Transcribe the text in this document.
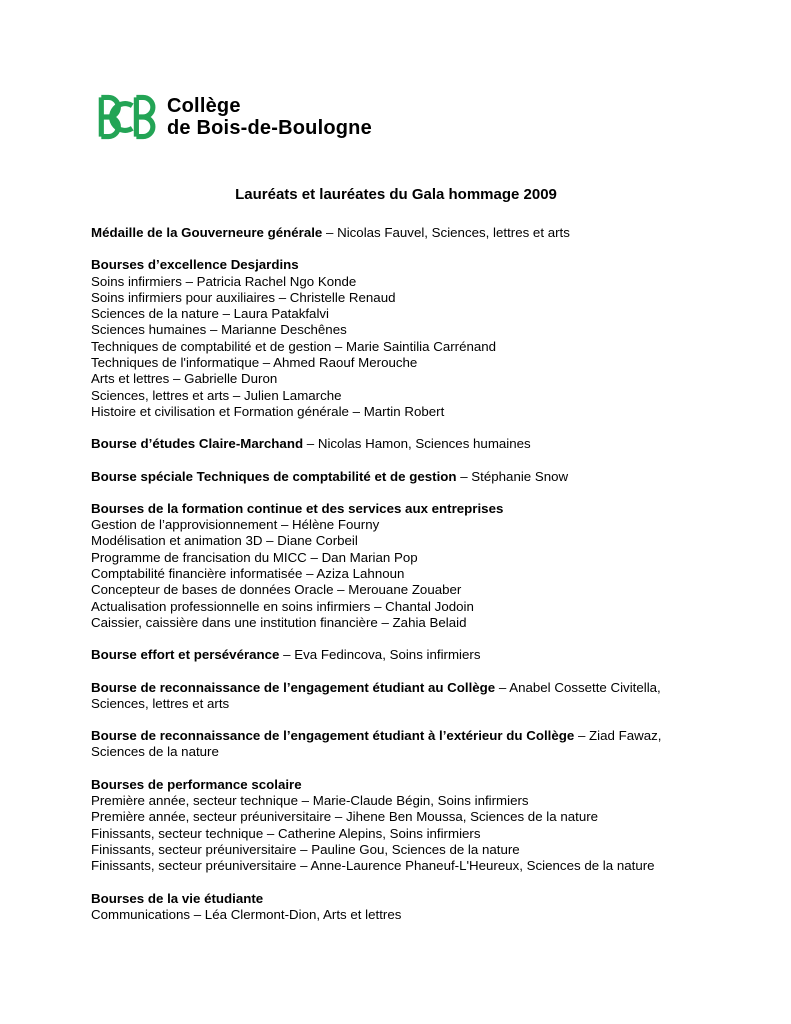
Collège
de Bois-de-Boulogne
Lauréats et lauréates du Gala hommage 2009

Médaille de la Gouverneure générale – Nicolas Fauvel, Sciences, lettres et arts

Bourses d’excellence Desjardins

Soins infirmiers – Patricia Rachel Ngo Konde
Soins infirmiers pour auxiliaires – Christelle Renaud
Sciences de la nature – Laura Patakfalvi
Sciences humaines – Marianne Deschênes
Techniques de comptabilité et de gestion – Marie Saintilia Carrénand
Techniques de l'informatique – Ahmed Raouf Merouche
Arts et lettres – Gabrielle Duron
Sciences, lettres et arts – Julien Lamarche
Histoire et civilisation et Formation générale – Martin Robert

Bourse d’études Claire-Marchand – Nicolas Hamon, Sciences humaines

Bourse spéciale Techniques de comptabilité et de gestion – Stéphanie Snow

Bourses de la formation continue et des services aux entreprises

Gestion de l’approvisionnement – Hélène Fourny
Modélisation et animation 3D – Diane Corbeil
Programme de francisation du MICC – Dan Marian Pop
Comptabilité financière informatisée – Aziza Lahnoun
Concepteur de bases de données Oracle – Merouane Zouaber
Actualisation professionnelle en soins infirmiers – Chantal Jodoin
Caissier, caissière dans une institution financière – Zahia Belaid

Bourse effort et persévérance – Eva Fedincova, Soins infirmiers

Bourse de reconnaissance de l’engagement étudiant au Collège – Anabel Cossette Civitella, Sciences, lettres et arts

Bourse de reconnaissance de l’engagement étudiant à l’extérieur du Collège – Ziad Fawaz, Sciences de la nature

Bourses de performance scolaire

Première année, secteur technique – Marie-Claude Bégin, Soins infirmiers
Première année, secteur préuniversitaire – Jihene Ben Moussa, Sciences de la nature
Finissants, secteur technique – Catherine Alepins, Soins infirmiers
Finissants, secteur préuniversitaire – Pauline Gou, Sciences de la nature
Finissants, secteur préuniversitaire – Anne-Laurence Phaneuf-L'Heureux, Sciences de la nature

Bourses de la vie étudiante

Communications – Léa Clermont-Dion, Arts et lettres
